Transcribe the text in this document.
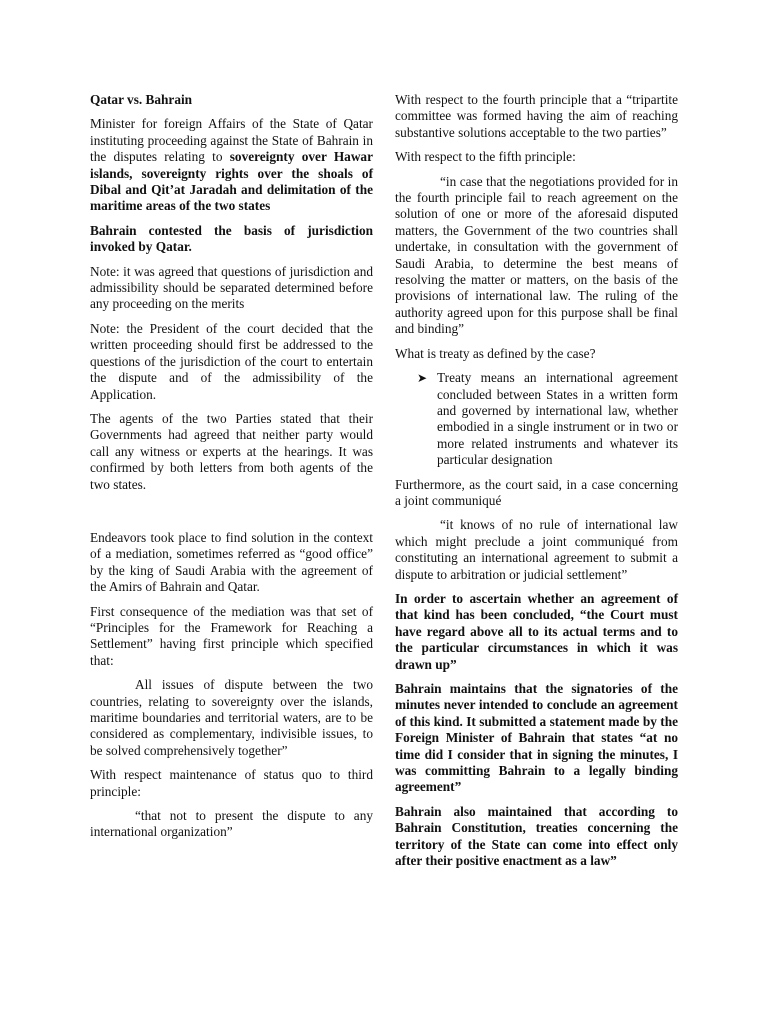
Qatar vs. Bahrain

Minister for foreign Affairs of the State of Qatar instituting proceeding against the State of Bahrain in the disputes relating to sovereignty over Hawar islands, sovereignty rights over the shoals of Dibal and Qit’at Jaradah and delimitation of the maritime areas of the two states

Bahrain contested the basis of jurisdiction invoked by Qatar.

Note: it was agreed that questions of jurisdiction and admissibility should be separated determined before any proceeding on the merits

Note: the President of the court decided that the written proceeding should first be addressed to the questions of the jurisdiction of the court to entertain the dispute and of the admissibility of the Application.

The agents of the two Parties stated that their Governments had agreed that neither party would call any witness or experts at the hearings. It was confirmed by both letters from both agents of the two states.

Endeavors took place to find solution in the context of a mediation, sometimes referred as “good office” by the king of Saudi Arabia with the agreement of the Amirs of Bahrain and Qatar.

First consequence of the mediation was that set of “Principles for the Framework for Reaching a Settlement” having first principle which specified that:

All issues of dispute between the two countries, relating to sovereignty over the islands, maritime boundaries and territorial waters, are to be considered as complementary, indivisible issues, to be solved comprehensively together”

With respect maintenance of status quo to third principle:

“that not to present the dispute to any international organization”

With respect to the fourth principle that a “tripartite committee was formed having the aim of reaching substantive solutions acceptable to the two parties”

With respect to the fifth principle:

“in case that the negotiations provided for in the fourth principle fail to reach agreement on the solution of one or more of the aforesaid disputed matters, the Government of the two countries shall undertake, in consultation with the government of Saudi Arabia, to determine the best means of resolving the matter or matters, on the basis of the provisions of international law. The ruling of the authority agreed upon for this purpose shall be final and binding”

What is treaty as defined by the case?

➤ Treaty means an international agreement concluded between States in a written form and governed by international law, whether embodied in a single instrument or in two or more related instruments and whatever its particular designation

Furthermore, as the court said, in a case concerning a joint communiqué

“it knows of no rule of international law which might preclude a joint communiqué from constituting an international agreement to submit a dispute to arbitration or judicial settlement”

In order to ascertain whether an agreement of that kind has been concluded, “the Court must have regard above all to its actual terms and to the particular circumstances in which it was drawn up”

Bahrain maintains that the signatories of the minutes never intended to conclude an agreement of this kind. It submitted a statement made by the Foreign Minister of Bahrain that states “at no time did I consider that in signing the minutes, I was committing Bahrain to a legally binding agreement”

Bahrain also maintained that according to Bahrain Constitution, treaties concerning the territory of the State can come into effect only after their positive enactment as a law”
